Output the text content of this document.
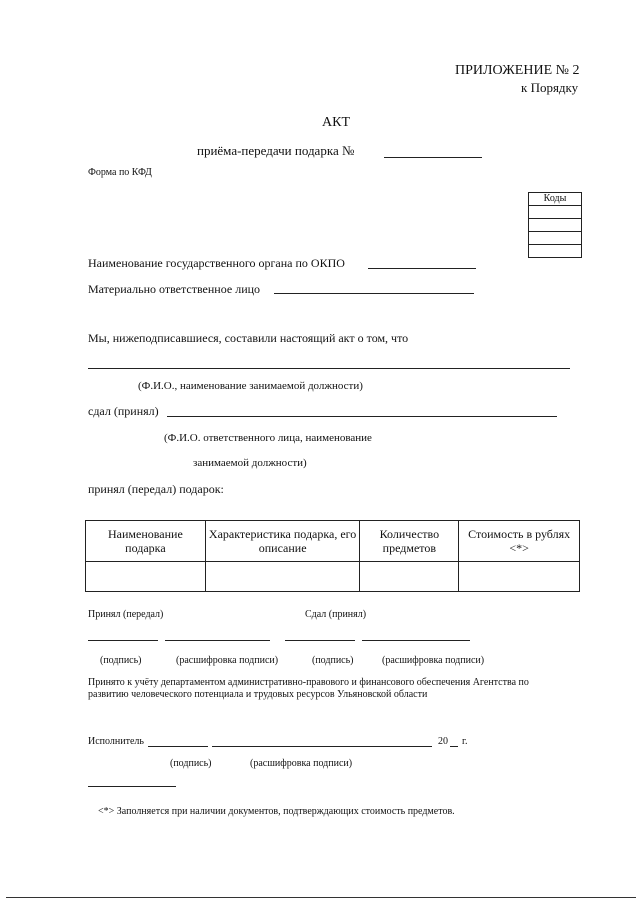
ПРИЛОЖЕНИЕ № 2
к Порядку
АКТ
приёма-передачи подарка №
Форма по КФД
Коды
Наименование государственного органа по ОКПО
Материально ответственное лицо
Мы, нижеподписавшиеся, составили настоящий акт о том, что
(Ф.И.О., наименование занимаемой должности)
сдал (принял)
(Ф.И.О. ответственного лица, наименование
занимаемой должности)
принял (передал) подарок:
Наименование подарка	Характеристика подарка, его описание	Количество предметов	Стоимость в рублях <*>

Принял (передал)	Сдал (принял)
(подпись)	(расшифровка подписи)	(подпись)	(расшифровка подписи)
Принято к учёту департаментом административно-правового и финансового обеспечения Агентства по
развитию человеческого потенциала и трудовых ресурсов Ульяновской области
Исполнитель	20 г.
(подпись)	(расшифровка подписи)
<*> Заполняется при наличии документов, подтверждающих стоимость предметов.
